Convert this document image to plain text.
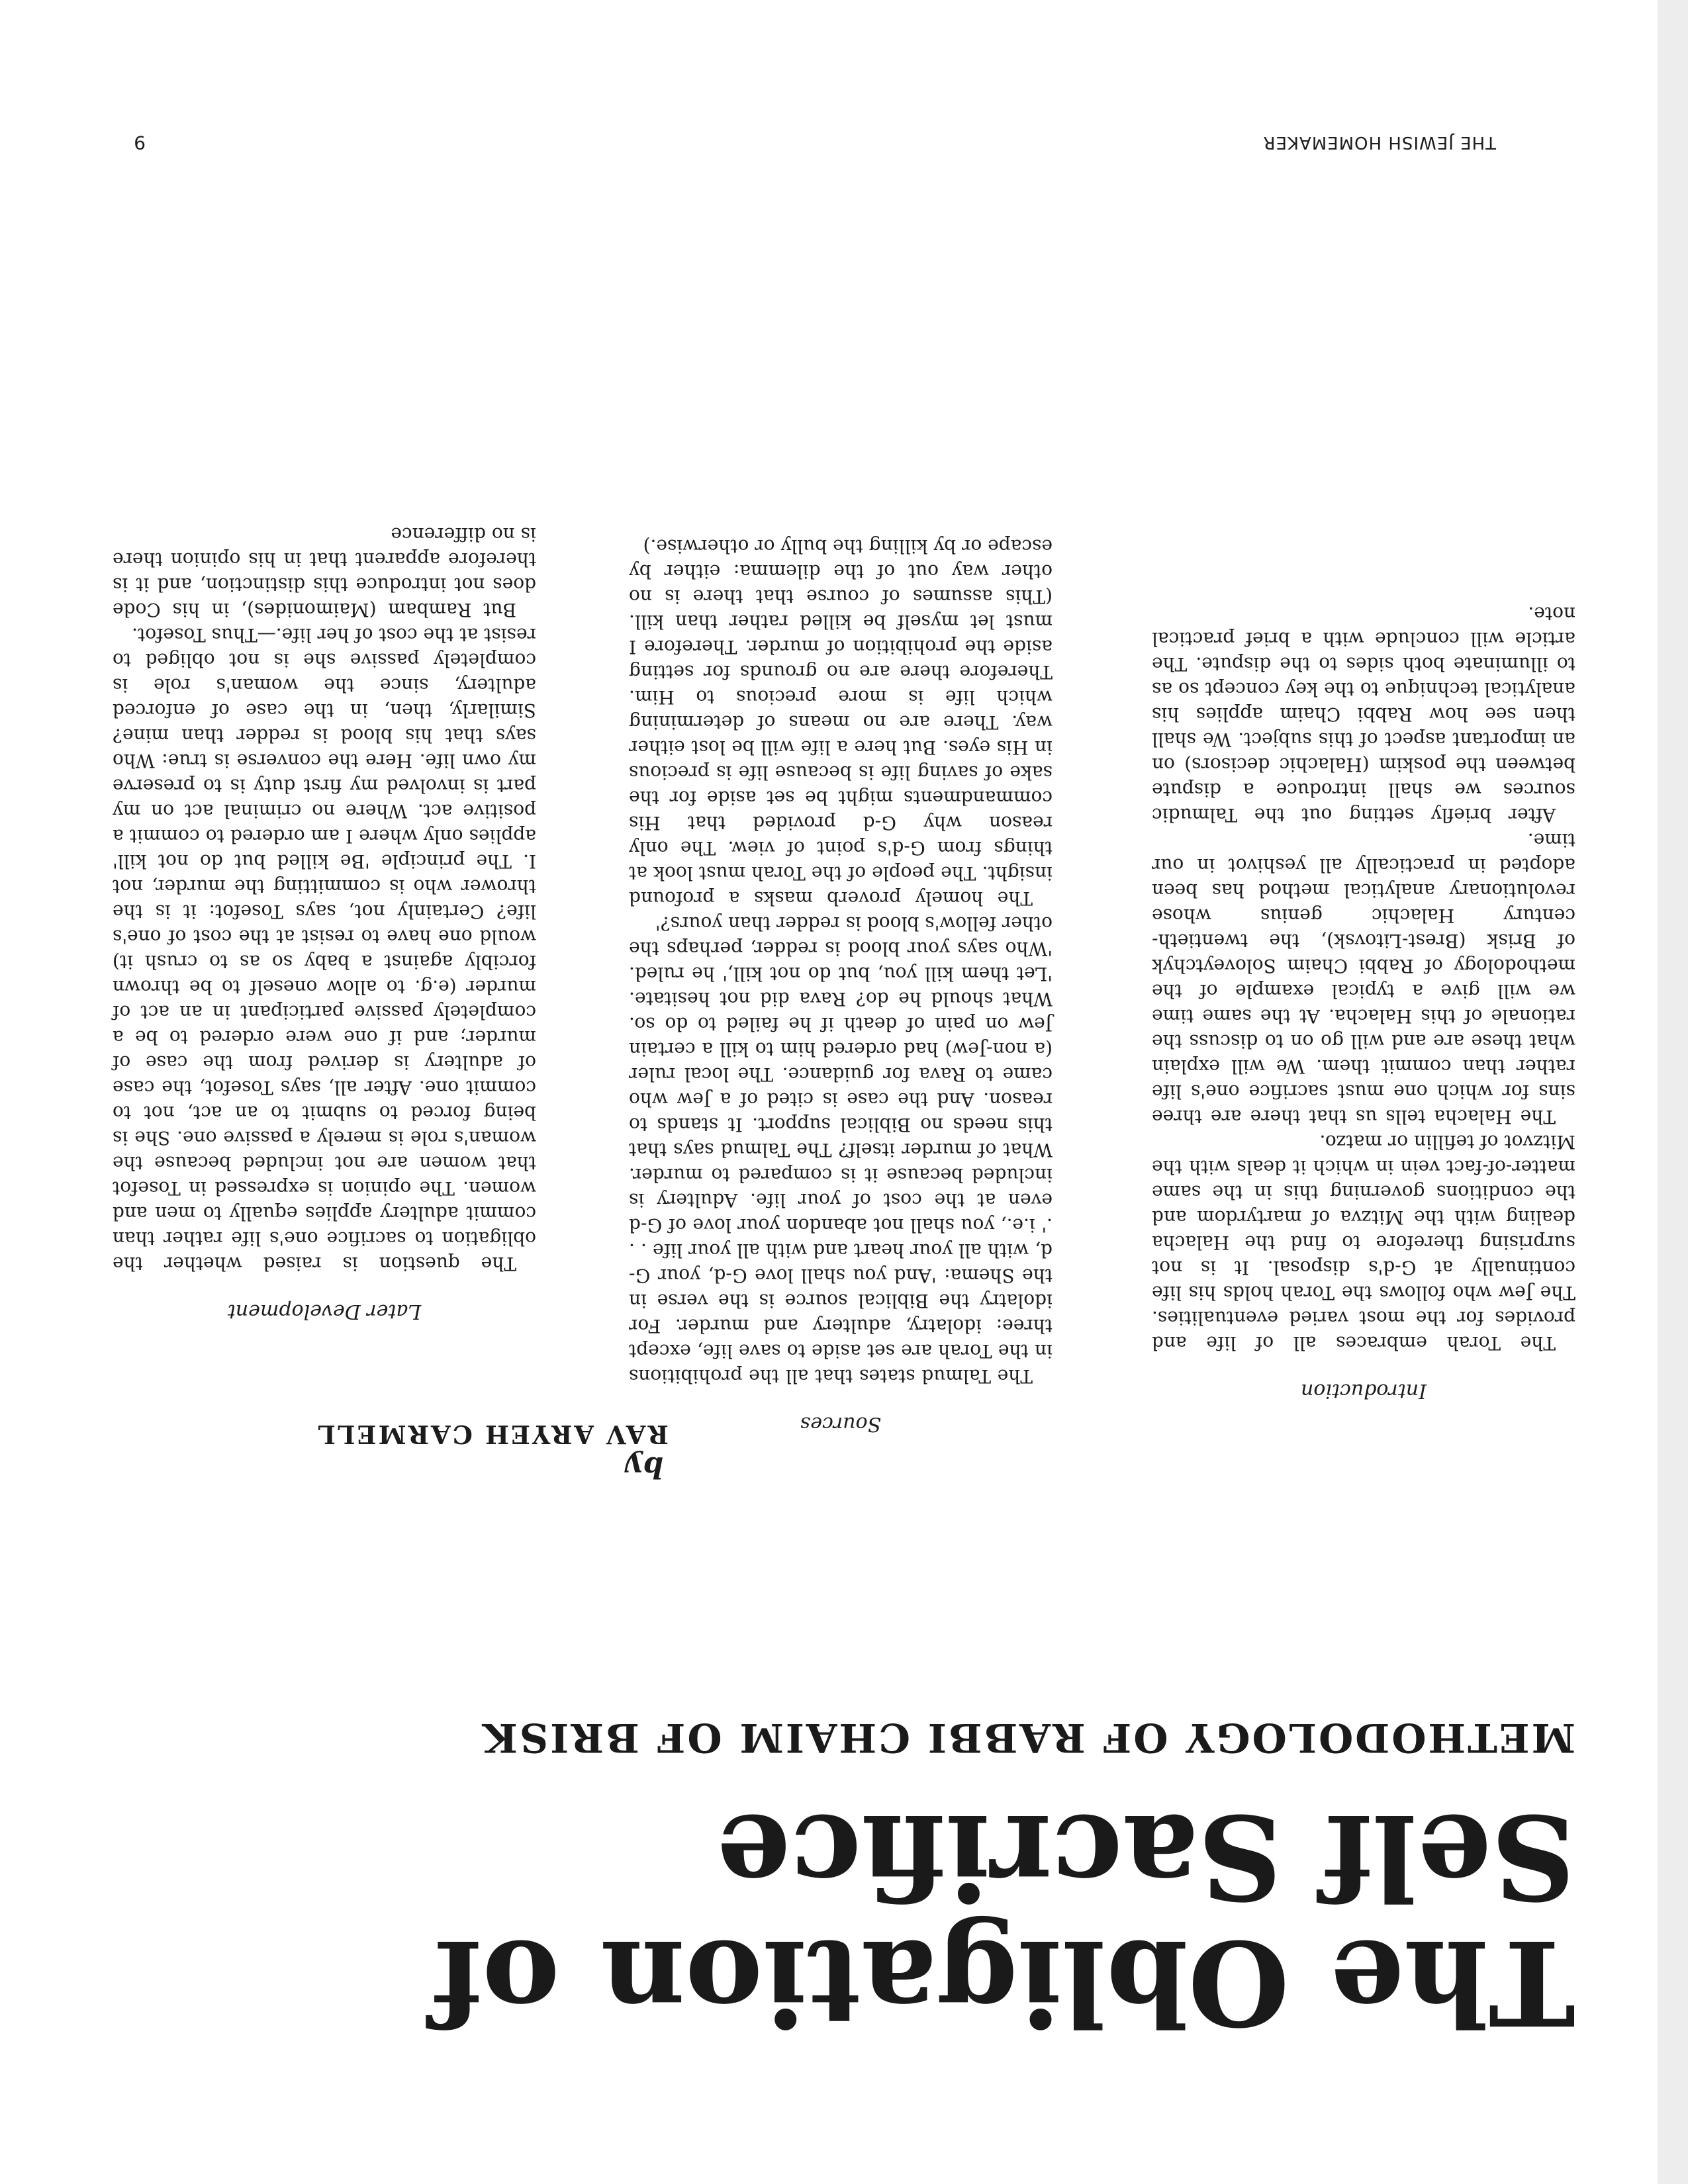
9	THE JEWISH HOMEMAKER
The Obligation of Self Sacrifice
METHODOLOGY OF RABBI CHAIM OF BRISK

by

RAV ARYEH CARMELL

Introduction

The Torah embraces all of life and provides for the most varied eventualities. The Jew who follows the Torah holds his life continually at G-d's disposal. It is not surprising therefore to find the Halacha dealing with the Mitzva of martyrdom and the conditions governing this in the same matter-of-fact vein in which it deals with the Mitzvot of tefillin or matzo.

The Halacha tells us that there are three sins for which one must sacrifice one's life rather than commit them. We will explain what these are and will go on to discuss the rationale of this Halacha. At the same time we will give a typical example of the methodology of Rabbi Chaim Soloveytchyk of Brisk (Brest-Litovsk), the twentieth-century Halachic genius whose revolutionary analytical method has been adopted in practically all yeshivot in our time.

After briefly setting out the Talmudic sources we shall introduce a dispute between the poskim (Halachic decisors) on an important aspect of this subject. We shall then see how Rabbi Chaim applies his analytical technique to the key concept so as to illuminate both sides to the dispute. The article will conclude with a brief practical note.

Sources

The Talmud states that all the prohibitions in the Torah are set aside to save life, except three: idolatry, adultery and murder. For idolatry the Biblical source is the verse in the Shema: 'And you shall love G-d, your G-d, with all your heart and with all your life . . .' i.e., you shall not abandon your love of G-d even at the cost of your life. Adultery is included because it is compared to murder. What of murder itself? The Talmud says that this needs no Biblical support. It stands to reason. And the case is cited of a Jew who came to Rava for guidance. The local ruler (a non-Jew) had ordered him to kill a certain Jew on pain of death if he failed to do so. What should he do? Rava did not hesitate. 'Let them kill you, but do not kill,' he ruled. 'Who says your blood is redder, perhaps the other fellow's blood is redder than yours?'

The homely proverb masks a profound insight. The people of the Torah must look at things from G-d's point of view. The only reason why G-d provided that His commandments might be set aside for the sake of saving life is because life is precious in His eyes. But here a life will be lost either way. There are no means of determining which life is more precious to Him. Therefore there are no grounds for setting aside the prohibition of murder. Therefore I must let myself be killed rather than kill. (This assumes of course that there is no other way out of the dilemma: either by escape or by killing the bully or otherwise.)

Later Development

The question is raised whether the obligation to sacrifice one's life rather than commit adultery applies equally to men and women. The opinion is expressed in Tosefot that women are not included because the woman's role is merely a passive one. She is being forced to submit to an act, not to commit one. After all, says Tosefot, the case of adultery is derived from the case of murder; and if one were ordered to be a completely passive participant in an act of murder (e.g. to allow oneself to be thrown forcibly against a baby so as to crush it) would one have to resist at the cost of one's life? Certainly not, says Tosefot: it is the thrower who is committing the murder, not I. The principle 'Be killed but do not kill' applies only where I am ordered to commit a positive act. Where no criminal act on my part is involved my first duty is to preserve my own life. Here the converse is true: Who says that his blood is redder than mine? Similarly, then, in the case of enforced adultery, since the woman's role is completely passive she is not obliged to resist at the cost of her life.—Thus Tosefot.

But Rambam (Maimonides), in his Code does not introduce this distinction, and it is therefore apparent that in his opinion there is no difference
